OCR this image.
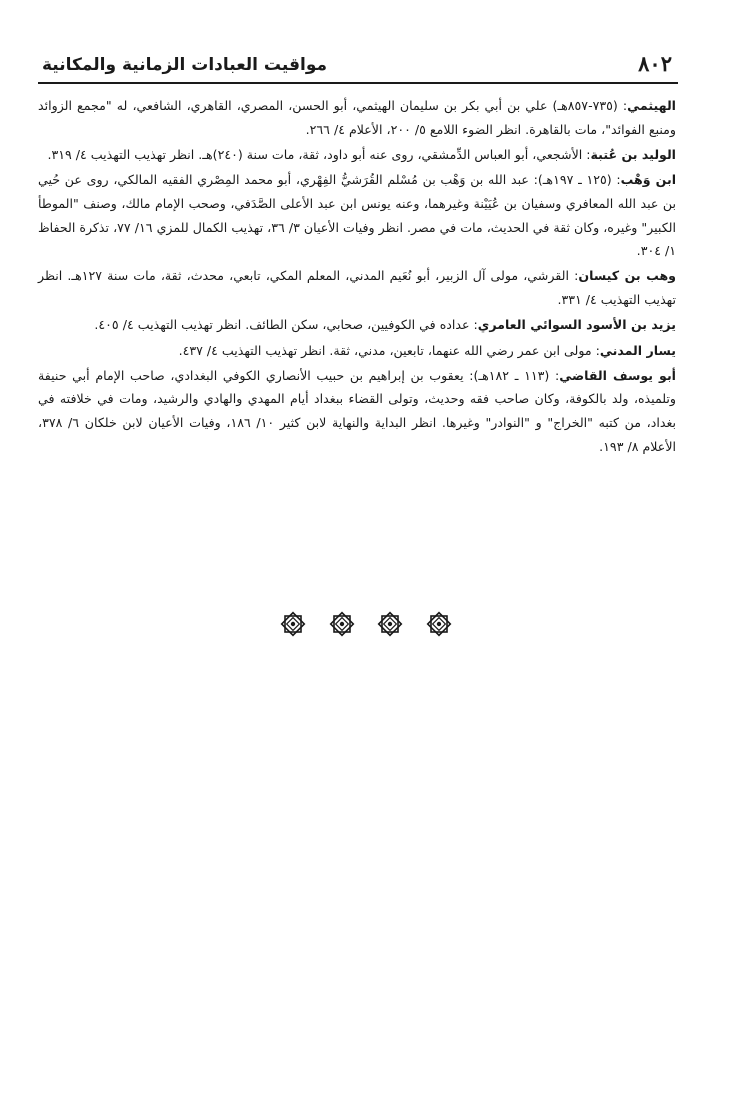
٨٠٢
مواقيت العبادات الزمانية والمكانية

الهيثمي: (٧٣٥-٨٥٧هـ) علي بن أبي بكر بن سليمان الهيثمي، أبو الحسن، المصري، القاهري، الشافعي، له "مجمع الزوائد ومنبع الفوائد"، مات بالقاهرة. انظر الضوء اللامع ٥/ ٢٠٠، الأعلام ٤/ ٢٦٦.

الوليد بن عُتبة: الأشجعي، أبو العباس الدِّمشقي، روى عنه أبو داود، ثقة، مات سنة (٢٤٠)هـ. انظر تهذيب التهذيب ٤/ ٣١٩.

ابن وَهْب: (١٢٥ ـ ١٩٧هـ): عبد الله بن وَهْب بن مُسْلم القُرَشيُّ الفِهْري، أبو محمد المِصْري الفقيه المالكي، روى عن حُيي بن عبد الله المعافري وسفيان بن عُيَيْنة وغيرهما، وعنه يونس ابن عبد الأعلى الصَّدَفي، وصحب الإمام مالك، وصنف "الموطأ الكبير" وغيره، وكان ثقة في الحديث، مات في مصر. انظر وفيات الأعيان ٣/ ٣٦، تهذيب الكمال للمزي ١٦/ ٧٧، تذكرة الحفاظ ١/ ٣٠٤.

وهب بن كيسان: القرشي، مولى آل الزبير، أبو نُعَيم المدني، المعلم المكي، تابعي، محدث، ثقة، مات سنة ١٢٧هـ. انظر تهذيب التهذيب ٤/ ٣٣١.

يزيد بن الأسود السوائي العامري: عداده في الكوفيين، صحابي، سكن الطائف. انظر تهذيب التهذيب ٤/ ٤٠٥.

يسار المدني: مولى ابن عمر رضي الله عنهما، تابعين، مدني، ثقة. انظر تهذيب التهذيب ٤/ ٤٣٧.

أبو يوسف القاضي: (١١٣ ـ ١٨٢هـ): يعقوب بن إبراهيم بن حبيب الأنصاري الكوفي البغدادي، صاحب الإمام أبي حنيفة وتلميذه، ولد بالكوفة، وكان صاحب فقه وحديث، وتولى القضاء ببغداد أيام المهدي والهادي والرشيد، ومات في خلافته في بغداد، من كتبه "الخراج" و "النوادر" وغيرها. انظر البداية والنهاية لابن كثير ١٠/ ١٨٦، وفيات الأعيان لابن خلكان ٦/ ٣٧٨، الأعلام ٨/ ١٩٣.
